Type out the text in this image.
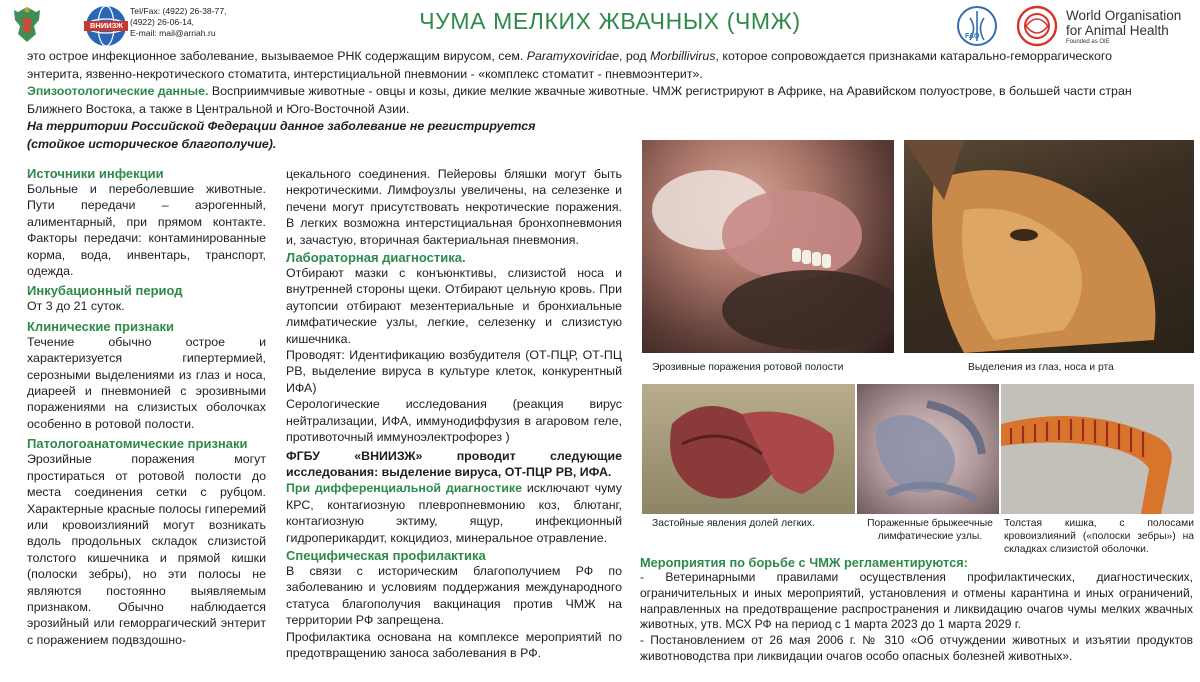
ВНИИЗЖ
Tel/Fax: (4922) 26-38-77,
(4922) 26-06-14,
E-mail: mail@arriah.ru	ЧУМА МЕЛКИХ ЖВАЧНЫХ (ЧМЖ)
FAO
World Organisation
for Animal Health
Founded as OIE
это острое инфекционное заболевание, вызываемое РНК содержащим вирусом, сем. Paramyxoviridae, род Morbillivirus, которое сопровождается признаками катарально-геморрагического
энтерита, язвенно-некротического стоматита, интерстициальной пневмонии - «комплекс стоматит - пневмоэнтерит».
Эпизоотологические данные. Восприимчивые животные - овцы и козы, дикие мелкие жвачные животные. ЧМЖ регистрируют в Африке, на Аравийском полуострове, в большей части стран
Ближнего Востока, а также в Центральной и Юго-Восточной Азии.
На территории Российской Федерации данное заболевание не регистрируется
(стойкое историческое благополучие).
Источники инфекции
Больные и переболевшие животные. Пути передачи – аэрогенный, алиментарный, при прямом контакте. Факторы передачи: контаминированные корма, вода, инвентарь, транспорт, одежда.
Инкубационный период
От 3 до 21 суток.
Клинические признаки
Течение обычно острое и характеризуется гипертермией, серозными выделениями из глаз и носа, диареей и пневмонией с эрозивными поражениями на слизистых оболочках особенно в ротовой полости.
Патологоанатомические признаки
Эрозийные поражения могут простираться от ротовой полости до места соединения сетки с рубцом. Характерные красные полосы гиперемий или кровоизлияний могут возникать вдоль продольных складок слизистой толстого кишечника и прямой кишки (полоски зебры), но эти полосы не являются постоянно выявляемым признаком. Обычно наблюдается эрозийный или геморрагический энтерит с поражением подвздошно-
цекального соединения. Пейеровы бляшки могут быть некротическими. Лимфоузлы увеличены, на селезенке и печени могут присутствовать некротические поражения. В легких возможна интерстициальная бронхопневмония и, зачастую, вторичная бактериальная пневмония.
Лабораторная диагностика.
Отбирают мазки с конъюнктивы, слизистой носа и внутренней стороны щеки. Отбирают цельную кровь. При аутопсии отбирают мезентериальные и бронхиальные лимфатические узлы, легкие, селезенку и слизистую кишечника.
Проводят: Идентификацию возбудителя (ОТ-ПЦР, ОТ-ПЦ РВ, выделение вируса в культуре клеток, конкурентный ИФА)
Серологические исследования (реакция вирус нейтрализации, ИФА, иммунодиффузия в агаровом геле, противоточный иммуноэлектрофорез )
ФГБУ «ВНИИЗЖ» проводит следующие исследования: выделение вируса, ОТ-ПЦР РВ, ИФА.
При дифференциальной диагностике исключают чуму КРС, контагиозную плевропневмонию коз, блютанг, контагиозную эктиму, ящур, инфекционный гидроперикардит, кокцидиоз, минеральное отравление.
Специфическая профилактика
В связи с историческим благополучием РФ по заболеванию и условиям поддержания международного статуса благополучия вакцинация против ЧМЖ на территории РФ запрещена.
Профилактика основана на комплексе мероприятий по предотвращению заноса заболевания в РФ.
Эрозивные поражения ротовой полости	Выделения из глаз, носа и рта
Застойные явления долей легких.	Пораженные брыжеечные лимфатические узлы.
Толстая кишка, с полосами кровоизлияний («полоски зебры») на складках слизистой оболочки.
Мероприятия по борьбе с ЧМЖ регламентируются:
- Ветеринарными правилами осуществления профилактических, диагностических, ограничительных и иных мероприятий, установления и отмены карантина и иных ограничений, направленных на предотвращение распространения и ликвидацию очагов чумы мелких жвачных животных, утв. МСХ РФ на период с 1 марта 2023 до 1 марта 2029 г.
- Постановлением от 26 мая 2006 г. № 310 «Об отчуждении животных и изъятии продуктов животноводства при ликвидации очагов особо опасных болезней животных».
